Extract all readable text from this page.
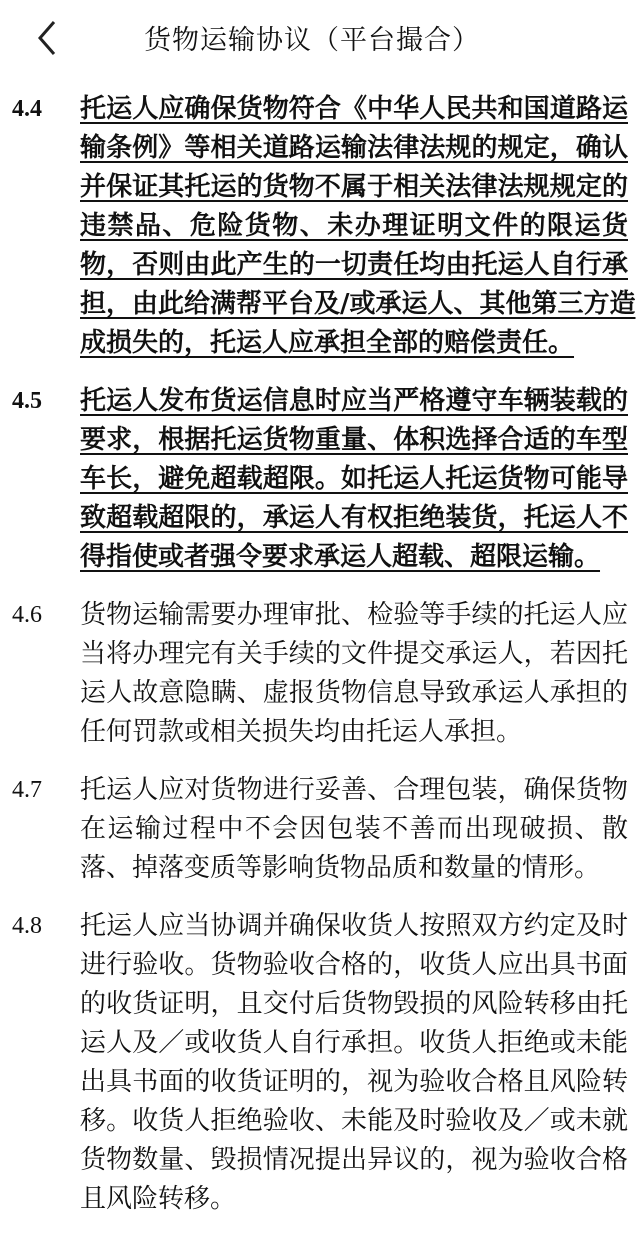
货物运输协议（平台撮合）
4.4 托运人应确保货物符合《中华人民共和国道路运
输条例》等相关道路运输法律法规的规定，确认
并保证其托运的货物不属于相关法律法规规定的
违禁品、危险货物、未办理证明文件的限运货
物，否则由此产生的一切责任均由托运人自行承
担，由此给满帮平台及/或承运人、其他第三方造
成损失的，托运人应承担全部的赔偿责任。
4.5 托运人发布货运信息时应当严格遵守车辆装载的
要求，根据托运货物重量、体积选择合适的车型
车长，避免超载超限。如托运人托运货物可能导
致超载超限的，承运人有权拒绝装货，托运人不
得指使或者强令要求承运人超载、超限运输。
4.6 货物运输需要办理审批、检验等手续的托运人应
当将办理完有关手续的文件提交承运人，若因托
运人故意隐瞒、虚报货物信息导致承运人承担的
任何罚款或相关损失均由托运人承担。
4.7 托运人应对货物进行妥善、合理包装，确保货物
在运输过程中不会因包装不善而出现破损、散
落、掉落变质等影响货物品质和数量的情形。
4.8 托运人应当协调并确保收货人按照双方约定及时
进行验收。货物验收合格的，收货人应出具书面
的收货证明，且交付后货物毁损的风险转移由托
运人及／或收货人自行承担。收货人拒绝或未能
出具书面的收货证明的，视为验收合格且风险转
移。收货人拒绝验收、未能及时验收及／或未就
货物数量、毁损情况提出异议的，视为验收合格
且风险转移。
